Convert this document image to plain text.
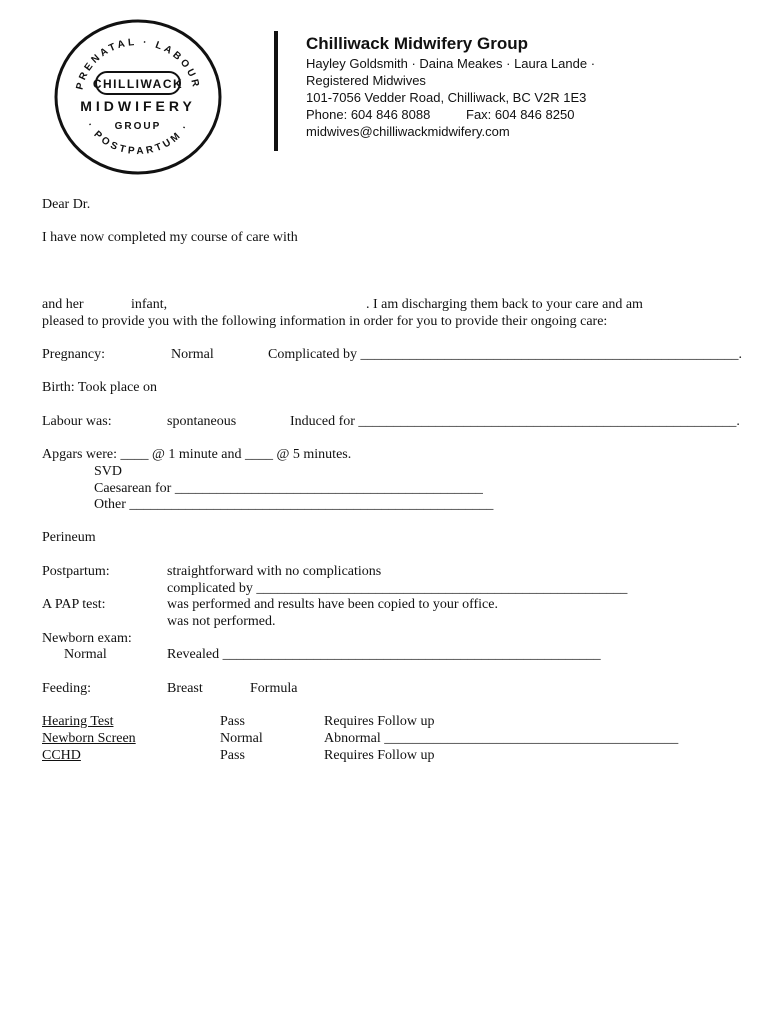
PRENATAL · LABOUR
· POSTPARTUM ·
CHILLIWACK
MIDWIFERY
GROUP
Chilliwack Midwifery Group
Hayley Goldsmith · Daina Meakes · Laura Lande ·
Registered Midwives
101-7056 Vedder Road, Chilliwack, BC V2R 1E3
Phone: 604 846 8088	Fax: 604 846 8250
midwives@chilliwackmidwifery.com
Dear Dr.
I have now completed my course of care with
and her	infant,	. I am discharging them back to your care and am
pleased to provide you with the following information in order for you to provide their ongoing care:
Pregnancy:	Normal	Complicated by ______________________________________________________.
Birth: Took place on
Labour was:	spontaneous	Induced for ______________________________________________________.
Apgars were: ____ @ 1 minute and ____ @ 5 minutes.
SVD
Caesarean for ____________________________________________
Other ____________________________________________________
Perineum
Postpartum:	straightforward with no complications
complicated by _____________________________________________________
A PAP test:	was performed and results have been copied to your office.
was not performed.
Newborn exam:
Normal	Revealed ______________________________________________________
Feeding:	Breast	Formula
Hearing Test	Pass	Requires Follow up
Newborn Screen	Normal	Abnormal __________________________________________
CCHD	Pass	Requires Follow up
